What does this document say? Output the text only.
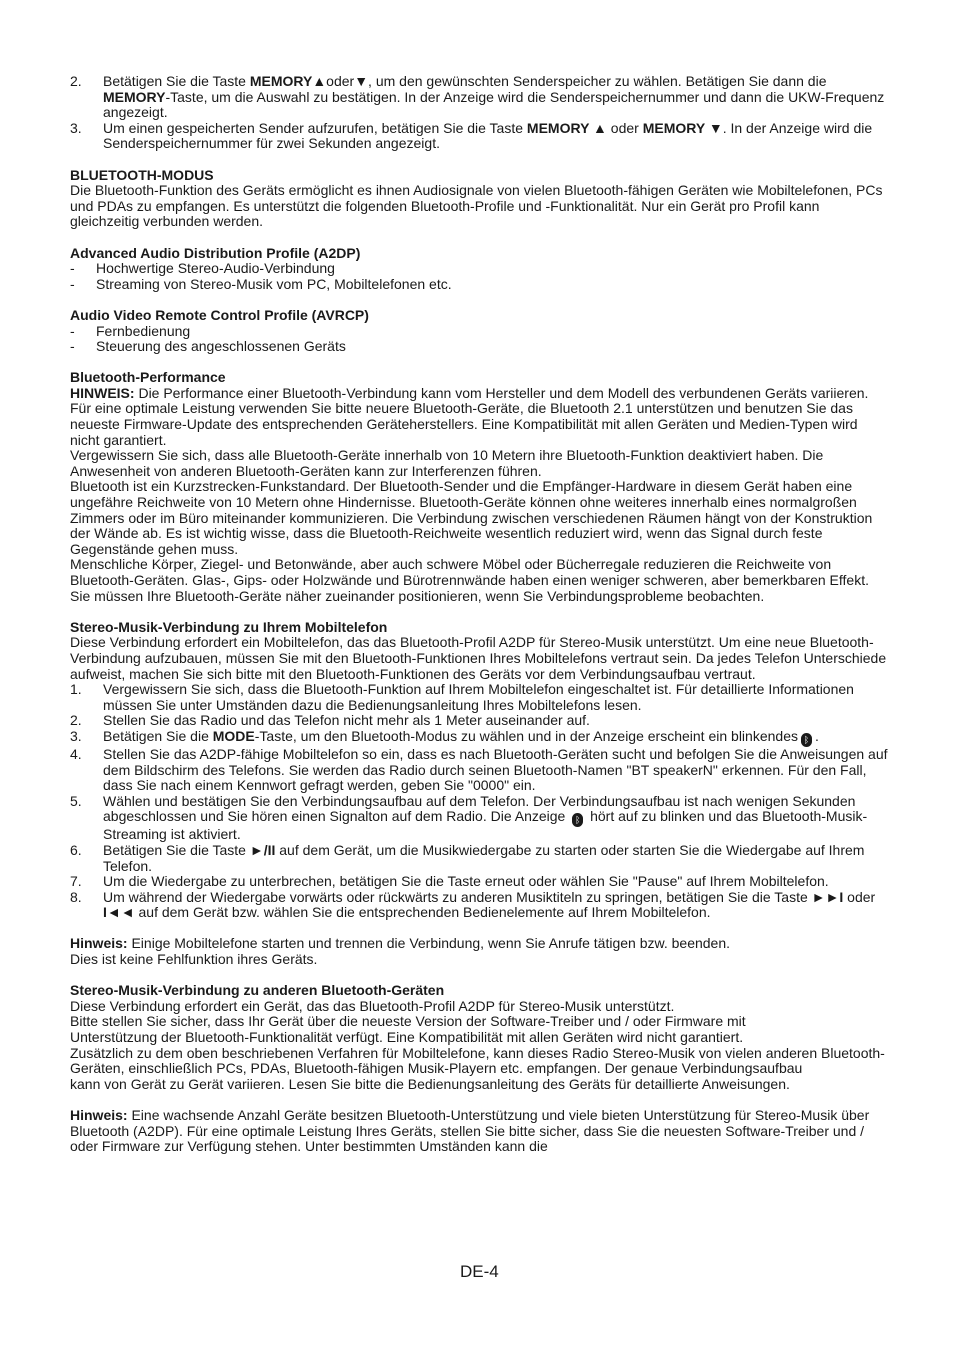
2. Betätigen Sie die Taste MEMORY▲oder▼, um den gewünschten Senderspeicher zu wählen. Betätigen Sie dann die MEMORY-Taste, um die Auswahl zu bestätigen. In der Anzeige wird die Senderspeichernummer und dann die UKW-Frequenz angezeigt.
3. Um einen gespeicherten Sender aufzurufen, betätigen Sie die Taste MEMORY ▲ oder MEMORY ▼. In der Anzeige wird die Senderspeichernummer für zwei Sekunden angezeigt.

BLUETOOTH-MODUS

Die Bluetooth-Funktion des Geräts ermöglicht es ihnen Audiosignale von vielen Bluetooth-fähigen Geräten wie Mobiltelefonen, PCs und PDAs zu empfangen. Es unterstützt die folgenden Bluetooth-Profile und -Funktionalität. Nur ein Gerät pro Profil kann gleichzeitig verbunden werden.

Advanced Audio Distribution Profile (A2DP)

- Hochwertige Stereo-Audio-Verbindung
- Streaming von Stereo-Musik vom PC, Mobiltelefonen etc.

Audio Video Remote Control Profile (AVRCP)

- Fernbedienung
- Steuerung des angeschlossenen Geräts

Bluetooth-Performance

HINWEIS: Die Performance einer Bluetooth-Verbindung kann vom Hersteller und dem Modell des verbundenen Geräts variieren. Für eine optimale Leistung verwenden Sie bitte neuere Bluetooth-Geräte, die Bluetooth 2.1 unterstützen und benutzen Sie das neueste Firmware-Update des entsprechenden Geräteherstellers. Eine Kompatibilität mit allen Geräten und Medien-Typen wird nicht garantiert.

Vergewissern Sie sich, dass alle Bluetooth-Geräte innerhalb von 10 Metern ihre Bluetooth-Funktion deaktiviert haben. Die Anwesenheit von anderen Bluetooth-Geräten kann zur Interferenzen führen.

Bluetooth ist ein Kurzstrecken-Funkstandard. Der Bluetooth-Sender und die Empfänger-Hardware in diesem Gerät haben eine ungefähre Reichweite von 10 Metern ohne Hindernisse. Bluetooth-Geräte können ohne weiteres innerhalb eines normalgroßen Zimmers oder im Büro miteinander kommunizieren. Die Verbindung zwischen verschiedenen Räumen hängt von der Konstruktion der Wände ab. Es ist wichtig wisse, dass die Bluetooth-Reichweite wesentlich reduziert wird, wenn das Signal durch feste Gegenstände gehen muss.

Menschliche Körper, Ziegel- und Betonwände, aber auch schwere Möbel oder Bücherregale reduzieren die Reichweite von Bluetooth-Geräten. Glas-, Gips- oder Holzwände und Bürotrennwände haben einen weniger schweren, aber bemerkbaren Effekt. Sie müssen Ihre Bluetooth-Geräte näher zueinander positionieren, wenn Sie Verbindungsprobleme beobachten.

Stereo-Musik-Verbindung zu Ihrem Mobiltelefon

Diese Verbindung erfordert ein Mobiltelefon, das das Bluetooth-Profil A2DP für Stereo-Musik unterstützt. Um eine neue Bluetooth-Verbindung aufzubauen, müssen Sie mit den Bluetooth-Funktionen Ihres Mobiltelefons vertraut sein. Da jedes Telefon Unterschiede aufweist, machen Sie sich bitte mit den Bluetooth-Funktionen des Geräts vor dem Verbindungsaufbau vertraut.

1. Vergewissern Sie sich, dass die Bluetooth-Funktion auf Ihrem Mobiltelefon eingeschaltet ist. Für detaillierte Informationen müssen Sie unter Umständen dazu die Bedienungsanleitung Ihres Mobiltelefons lesen.
2. Stellen Sie das Radio und das Telefon nicht mehr als 1 Meter auseinander auf.
3. Betätigen Sie die MODE-Taste, um den Bluetooth-Modus zu wählen und in der Anzeige erscheint ein blinkendes ᛒ .
4. Stellen Sie das A2DP-fähige Mobiltelefon so ein, dass es nach Bluetooth-Geräten sucht und befolgen Sie die Anweisungen auf dem Bildschirm des Telefons. Sie werden das Radio durch seinen Bluetooth-Namen "BT speakerN" erkennen. Für den Fall, dass Sie nach einem Kennwort gefragt werden, geben Sie "0000" ein.
5. Wählen und bestätigen Sie den Verbindungsaufbau auf dem Telefon. Der Verbindungsaufbau ist nach wenigen Sekunden abgeschlossen und Sie hören einen Signalton auf dem Radio. Die Anzeige ᛒ hört auf zu blinken und das Bluetooth-Musik-Streaming ist aktiviert.
6. Betätigen Sie die Taste ►/II auf dem Gerät, um die Musikwiedergabe zu starten oder starten Sie die Wiedergabe auf Ihrem Telefon.
7. Um die Wiedergabe zu unterbrechen, betätigen Sie die Taste erneut oder wählen Sie "Pause" auf Ihrem Mobiltelefon.
8. Um während der Wiedergabe vorwärts oder rückwärts zu anderen Musiktiteln zu springen, betätigen Sie die Taste ►►I oder I◄◄ auf dem Gerät bzw. wählen Sie die entsprechenden Bedienelemente auf Ihrem Mobiltelefon.

Hinweis: Einige Mobiltelefone starten und trennen die Verbindung, wenn Sie Anrufe tätigen bzw. beenden.

Dies ist keine Fehlfunktion ihres Geräts.

Stereo-Musik-Verbindung zu anderen Bluetooth-Geräten

Diese Verbindung erfordert ein Gerät, das das Bluetooth-Profil A2DP für Stereo-Musik unterstützt.

Bitte stellen Sie sicher, dass Ihr Gerät über die neueste Version der Software-Treiber und / oder Firmware mit

Unterstützung der Bluetooth-Funktionalität verfügt. Eine Kompatibilität mit allen Geräten wird nicht garantiert.

Zusätzlich zu dem oben beschriebenen Verfahren für Mobiltelefone, kann dieses Radio Stereo-Musik von vielen anderen Bluetooth-Geräten, einschließlich PCs, PDAs, Bluetooth-fähigen Musik-Playern etc. empfangen. Der genaue Verbindungsaufbau

kann von Gerät zu Gerät variieren. Lesen Sie bitte die Bedienungsanleitung des Geräts für detaillierte Anweisungen.

Hinweis: Eine wachsende Anzahl Geräte besitzen Bluetooth-Unterstützung und viele bieten Unterstützung für Stereo-Musik über Bluetooth (A2DP). Für eine optimale Leistung Ihres Geräts, stellen Sie bitte sicher, dass Sie die neuesten Software-Treiber und / oder Firmware zur Verfügung stehen. Unter bestimmten Umständen kann die

DE-4
